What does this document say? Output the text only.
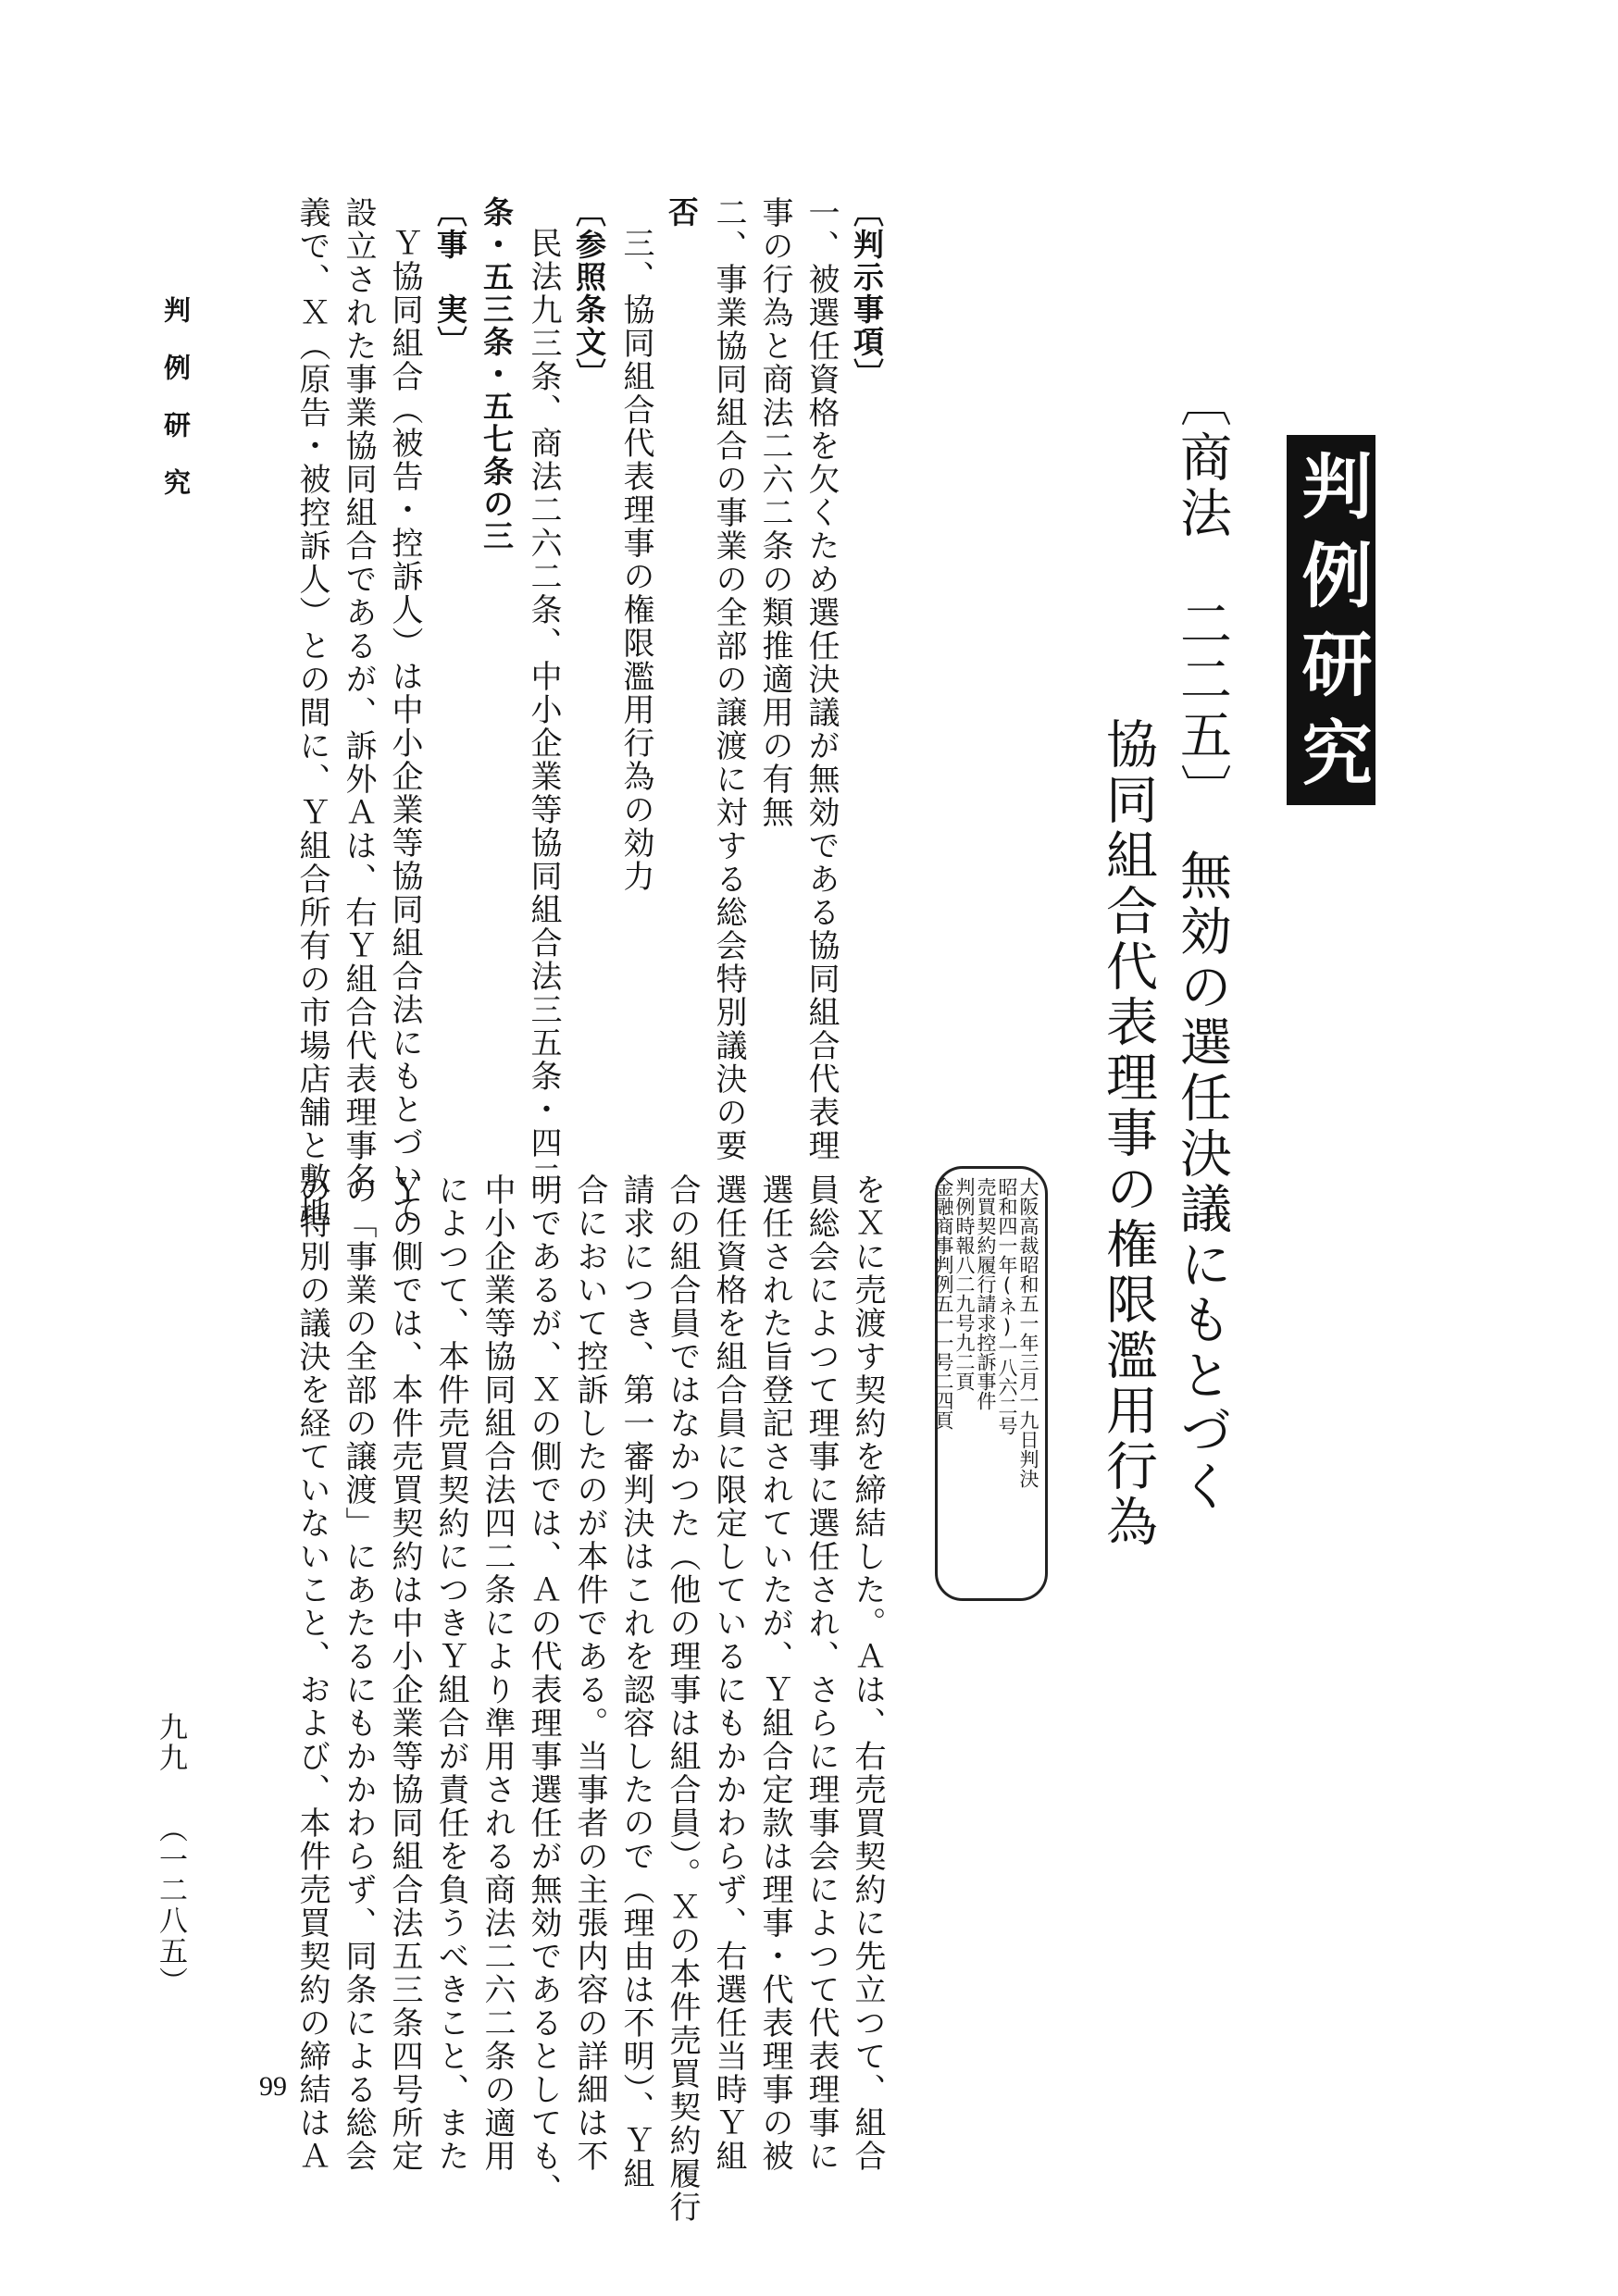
判例研究
〔商法　二二五〕　無効の選任決議にもとづく
協同組合代表理事の権限濫用行為
大阪高裁昭和五一年三月一九日判決
昭和四一年(ネ)一八六二号
売買契約履行請求控訴事件
判例時報八二九号九二頁
金融商事判例五一一号二四頁
〔判示事項〕
一、被選任資格を欠くため選任決議が無効である協同組合代表理
事の行為と商法二六二条の類推適用の有無
二、事業協同組合の事業の全部の譲渡に対する総会特別議決の要
否
三、協同組合代表理事の権限濫用行為の効力
〔参照条文〕
民法九三条、商法二六二条、中小企業等協同組合法三五条・四二
条・五三条・五七条の三
〔事　実〕
Ｙ協同組合（被告・控訴人）は中小企業等協同組合法にもとづいて
設立された事業協同組合であるが、訴外Ａは、右Ｙ組合代表理事名
義で、Ｘ（原告・被控訴人）との間に、Ｙ組合所有の市場店舗と敷地
をＸに売渡す契約を締結した。Ａは、右売買契約に先立つて、組合
員総会によつて理事に選任され、さらに理事会によつて代表理事に
選任された旨登記されていたが、Ｙ組合定款は理事・代表理事の被
選任資格を組合員に限定しているにもかかわらず、右選任当時Ｙ組
合の組合員ではなかつた（他の理事は組合員）。Ｘの本件売買契約履行
請求につき、第一審判決はこれを認容したので（理由は不明）、Ｙ組
合において控訴したのが本件である。当事者の主張内容の詳細は不
明であるが、Ｘの側では、Ａの代表理事選任が無効であるとしても、
中小企業等協同組合法四二条により準用される商法二六二条の適用
によつて、本件売買契約につきＹ組合が責任を負うべきこと、また
Ｙの側では、本件売買契約は中小企業等協同組合法五三条四号所定
の「事業の全部の譲渡」にあたるにもかかわらず、同条による総会
の特別の議決を経ていないこと、および、本件売買契約の締結はＡ
判　例　研　究
九九
（一二八五）
99
